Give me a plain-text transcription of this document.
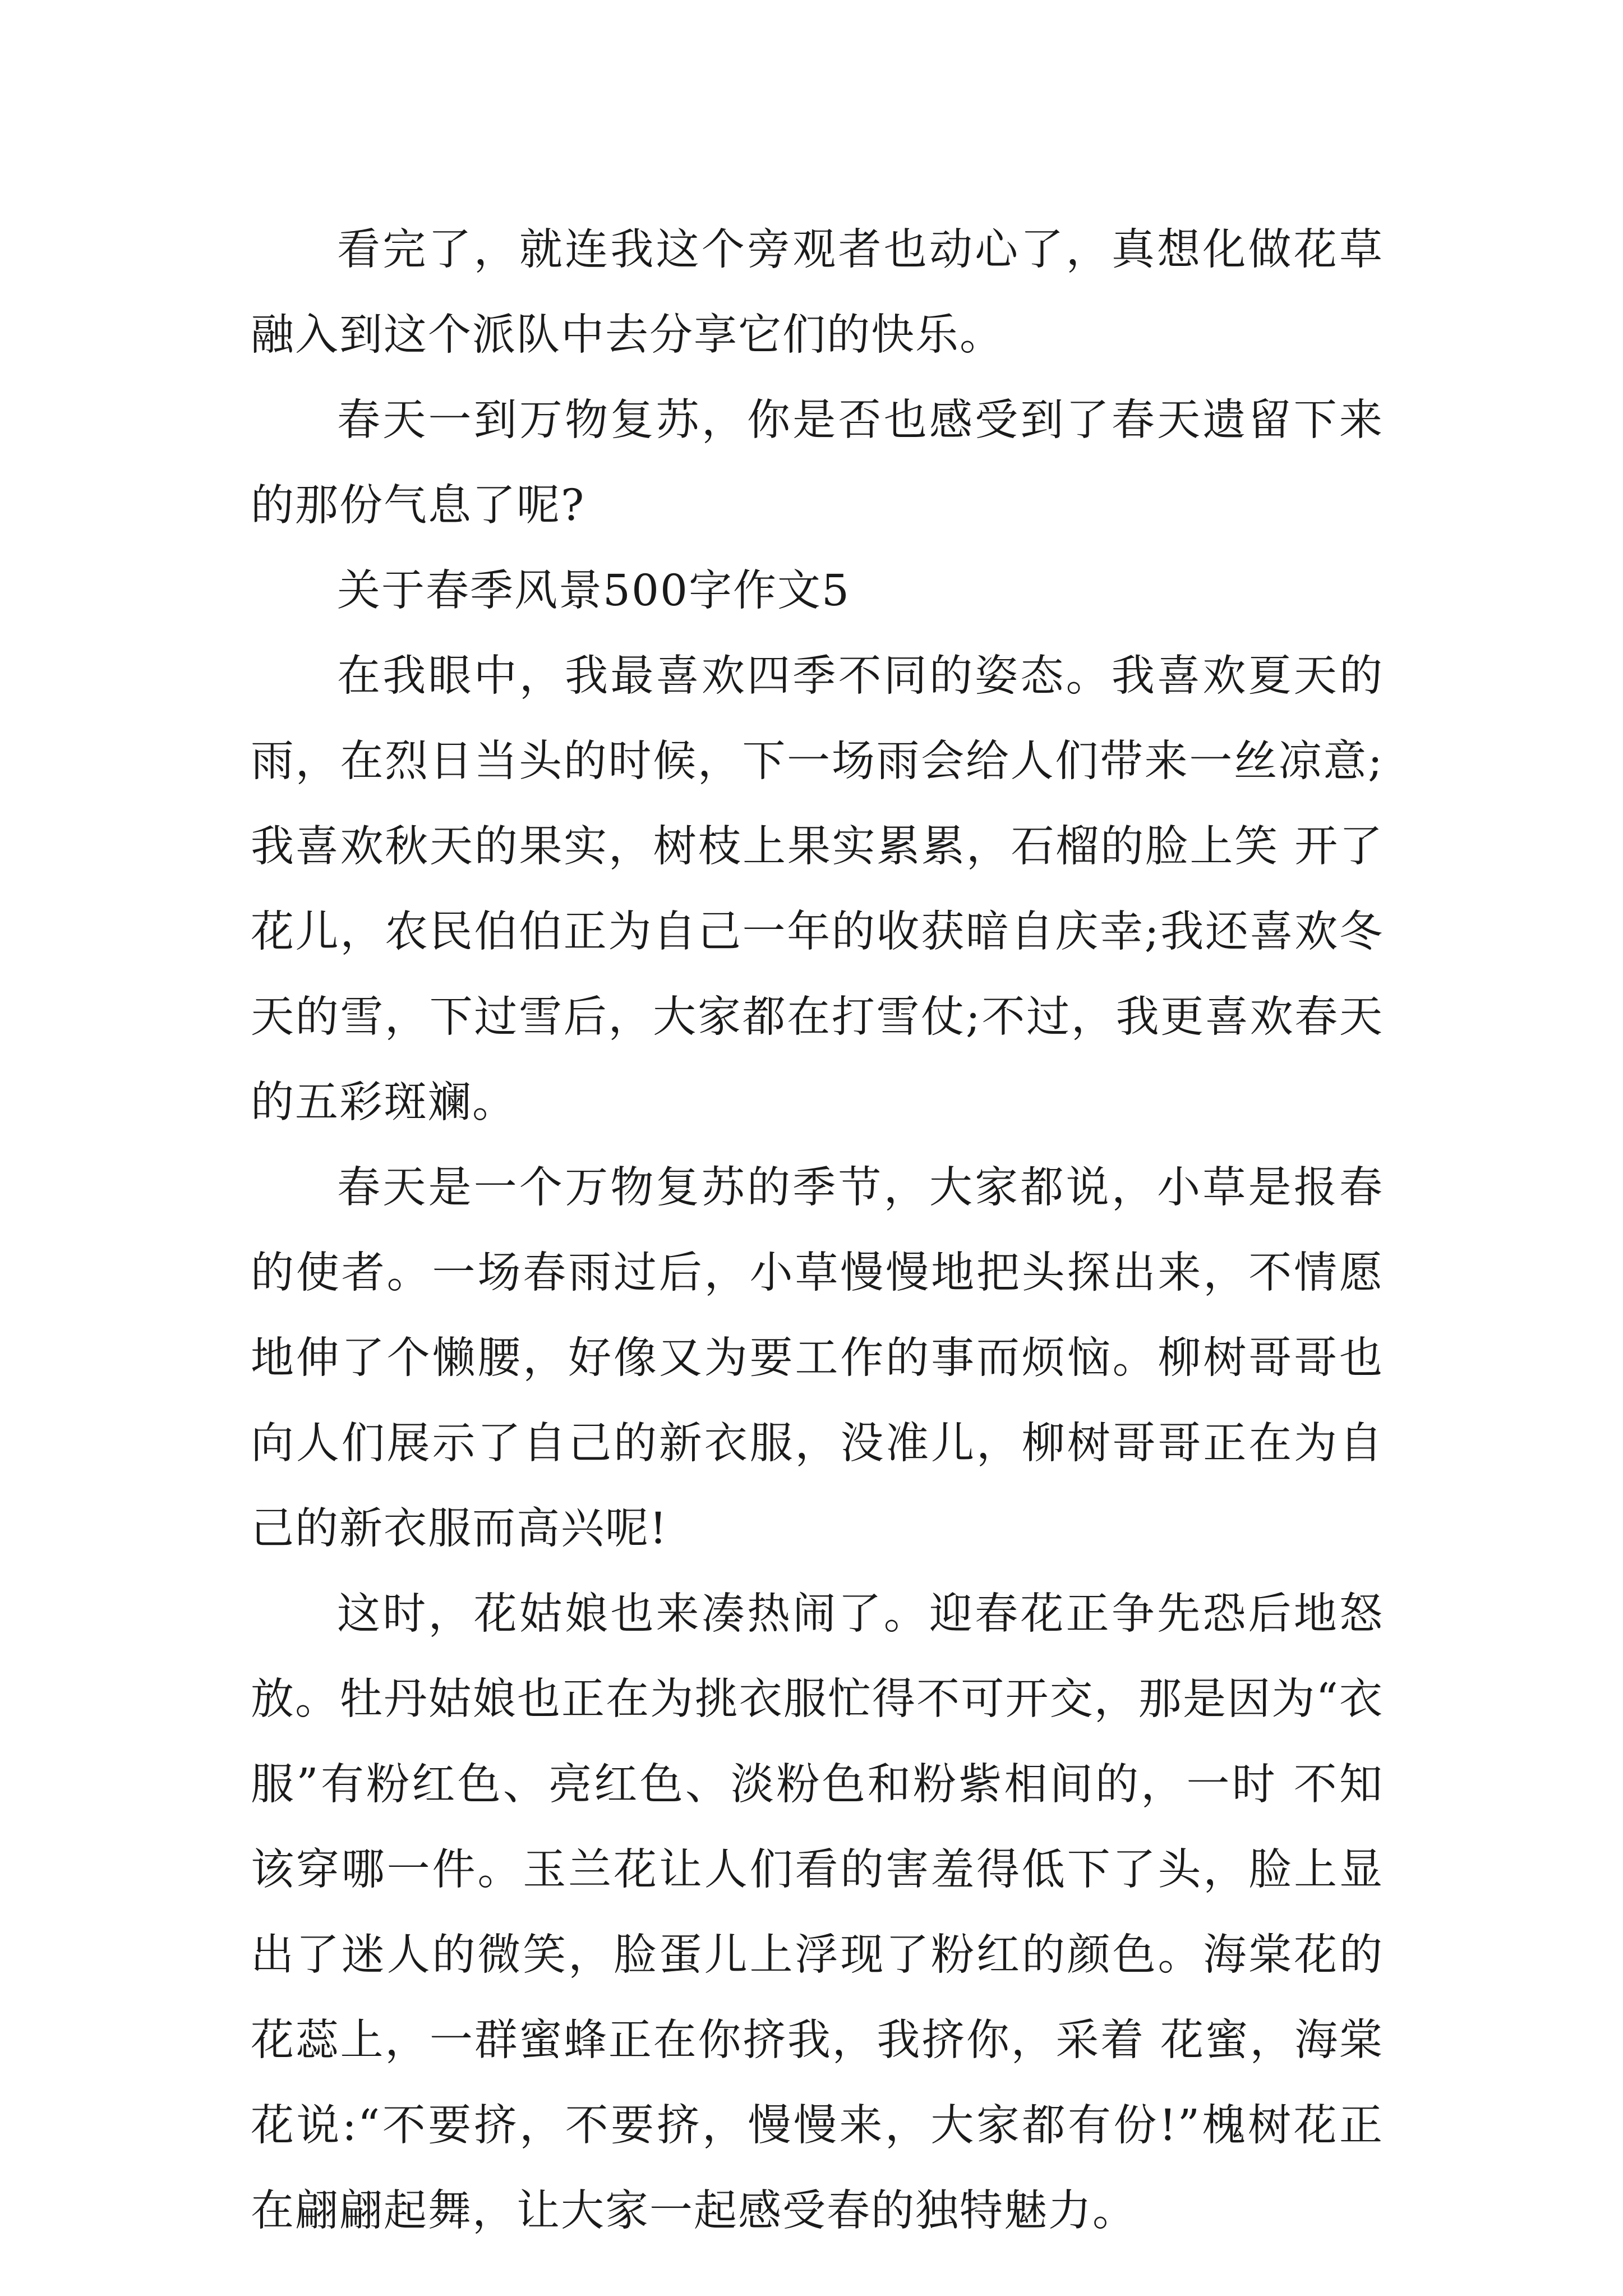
看完了，就连我这个旁观者也动心了，真想化做花草融入到这个派队中去分享它们的快乐。

春天一到万物复苏，你是否也感受到了春天遗留下来的那份气息了呢?

关于春季风景500字作文5

在我眼中，我最喜欢四季不同的姿态。我喜欢夏天的雨，在烈日当头的时候，下一场雨会给人们带来一丝凉意;我喜欢秋天的果实，树枝上果实累累，石榴的脸上笑 开了花儿，农民伯伯正为自己一年的收获暗自庆幸;我还喜欢冬天的雪，下过雪后，大家都在打雪仗;不过，我更喜欢春天的五彩斑斓。

春天是一个万物复苏的季节，大家都说，小草是报春的使者。一场春雨过后，小草慢慢地把头探出来，不情愿地伸了个懒腰，好像又为要工作的事而烦恼。柳树哥哥也向人们展示了自己的新衣服，没准儿，柳树哥哥正在为自己的新衣服而高兴呢!

这时，花姑娘也来凑热闹了。迎春花正争先恐后地怒放。牡丹姑娘也正在为挑衣服忙得不可开交，那是因为“衣服”有粉红色、亮红色、淡粉色和粉紫相间的，一时 不知该穿哪一件。玉兰花让人们看的害羞得低下了头，脸上显出了迷人的微笑，脸蛋儿上浮现了粉红的颜色。海棠花的花蕊上，一群蜜蜂正在你挤我，我挤你，采着 花蜜，海棠花说:“不要挤，不要挤，慢慢来，大家都有份!”槐树花正在翩翩起舞，让大家一起感受春的独特魅力。
